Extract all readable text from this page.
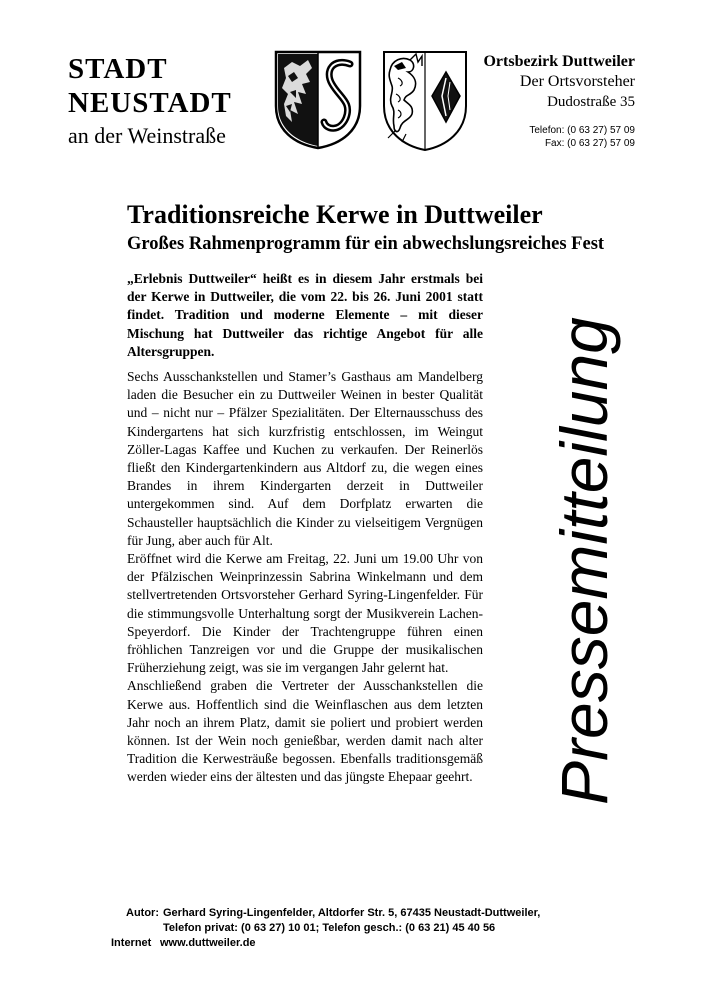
STADT
NEUSTADT
an der Weinstraße
Ortsbezirk Duttweiler
Der Ortsvorsteher
Dudostraße 35
Telefon: (0 63 27) 57 09
Fax: (0 63 27) 57 09
Traditionsreiche Kerwe in Duttweiler
Großes Rahmenprogramm für ein abwechslungsreiches Fest
„Erlebnis Duttweiler“ heißt es in diesem Jahr erstmals bei der Kerwe in Duttweiler, die vom 22. bis 26. Juni 2001 statt findet. Tradition und moderne Elemente – mit dieser Mischung hat Duttweiler das richtige Angebot für alle Altersgruppen.

Sechs Ausschankstellen und Stamer’s Gasthaus am Mandelberg laden die Besucher ein zu Duttweiler Weinen in bester Qualität und – nicht nur – Pfälzer Spezialitäten. Der Elternausschuss des Kindergartens hat sich kurzfristig entschlossen, im Weingut Zöller-Lagas Kaffee und Kuchen zu verkaufen. Der Reinerlös fließt den Kindergartenkindern aus Altdorf zu, die wegen eines Brandes in ihrem Kindergarten derzeit in Duttweiler untergekommen sind. Auf dem Dorfplatz erwarten die Schausteller hauptsächlich die Kinder zu vielseitigem Vergnügen für Jung, aber auch für Alt.

Eröffnet wird die Kerwe am Freitag, 22. Juni um 19.00 Uhr von der Pfälzischen Weinprinzessin Sabrina Winkelmann und dem stellvertretenden Ortsvorsteher Gerhard Syring-Lingenfelder. Für die stimmungsvolle Unterhaltung sorgt der Musikverein Lachen-Speyerdorf. Die Kinder der Trachtengruppe führen einen fröhlichen Tanzreigen vor und die Gruppe der musikalischen Früherziehung zeigt, was sie im vergangen Jahr gelernt hat.

Anschließend graben die Vertreter der Ausschankstellen die Kerwe aus. Hoffentlich sind die Weinflaschen aus dem letzten Jahr noch an ihrem Platz, damit sie poliert und probiert werden können. Ist der Wein noch genießbar, werden damit nach alter Tradition die Kerwesträuße begossen. Ebenfalls traditionsgemäß werden wieder eins der ältesten und das jüngste Ehepaar geehrt. Pressemitteilung
Autor: Gerhard Syring-Lingenfelder, Altdorfer Str. 5, 67435 Neustadt-Duttweiler,
Telefon privat: (0 63 27) 10 01; Telefon gesch.: (0 63 21) 45 40 56
Internet www.duttweiler.de
